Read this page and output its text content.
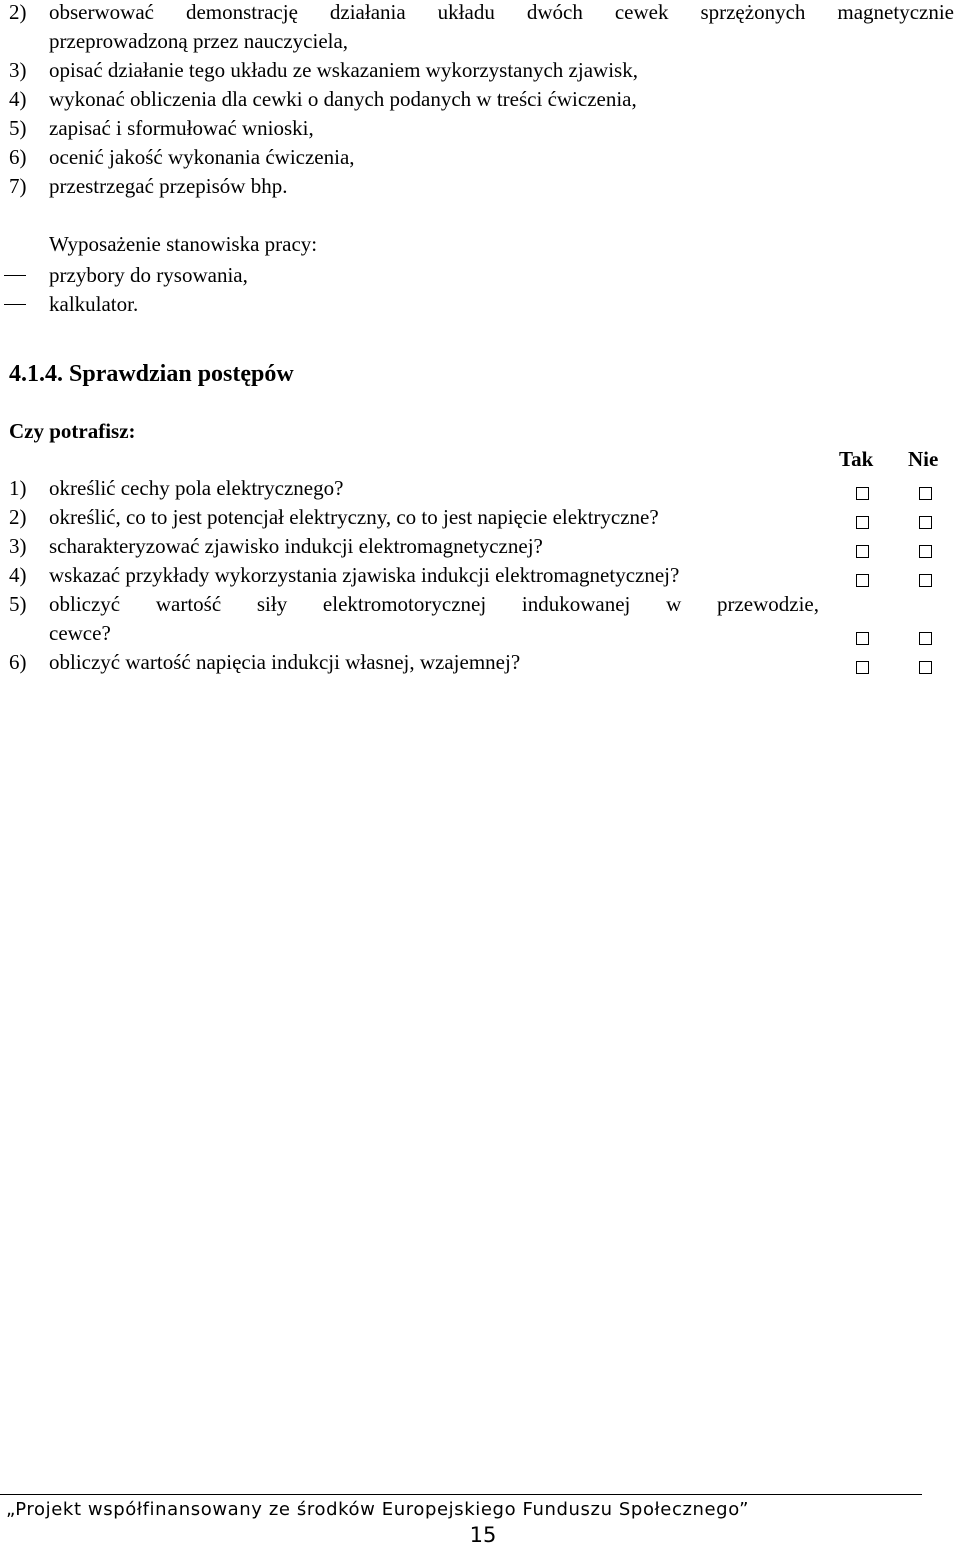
2) obserwować demonstrację działania układu dwóch cewek sprzężonych magnetycznie
przeprowadzoną przez nauczyciela,
3) opisać działanie tego układu ze wskazaniem wykorzystanych zjawisk,
4) wykonać obliczenia dla cewki o danych podanych w treści ćwiczenia,
5) zapisać i sformułować wnioski,
6) ocenić jakość wykonania ćwiczenia,
7) przestrzegać przepisów bhp.
Wyposażenie stanowiska pracy:
przybory do rysowania,
kalkulator.
4.1.4. Sprawdzian postępów
Czy potrafisz:
Tak Nie
1) określić cechy pola elektrycznego?
2) określić, co to jest potencjał elektryczny, co to jest napięcie elektryczne?
3) scharakteryzować zjawisko indukcji elektromagnetycznej?
4) wskazać przykłady wykorzystania zjawiska indukcji elektromagnetycznej?
5) obliczyć wartość siły elektromotorycznej indukowanej w przewodzie,
cewce?
6) obliczyć wartość napięcia indukcji własnej, wzajemnej?
„Projekt współfinansowany ze środków Europejskiego Funduszu Społecznego”
15
